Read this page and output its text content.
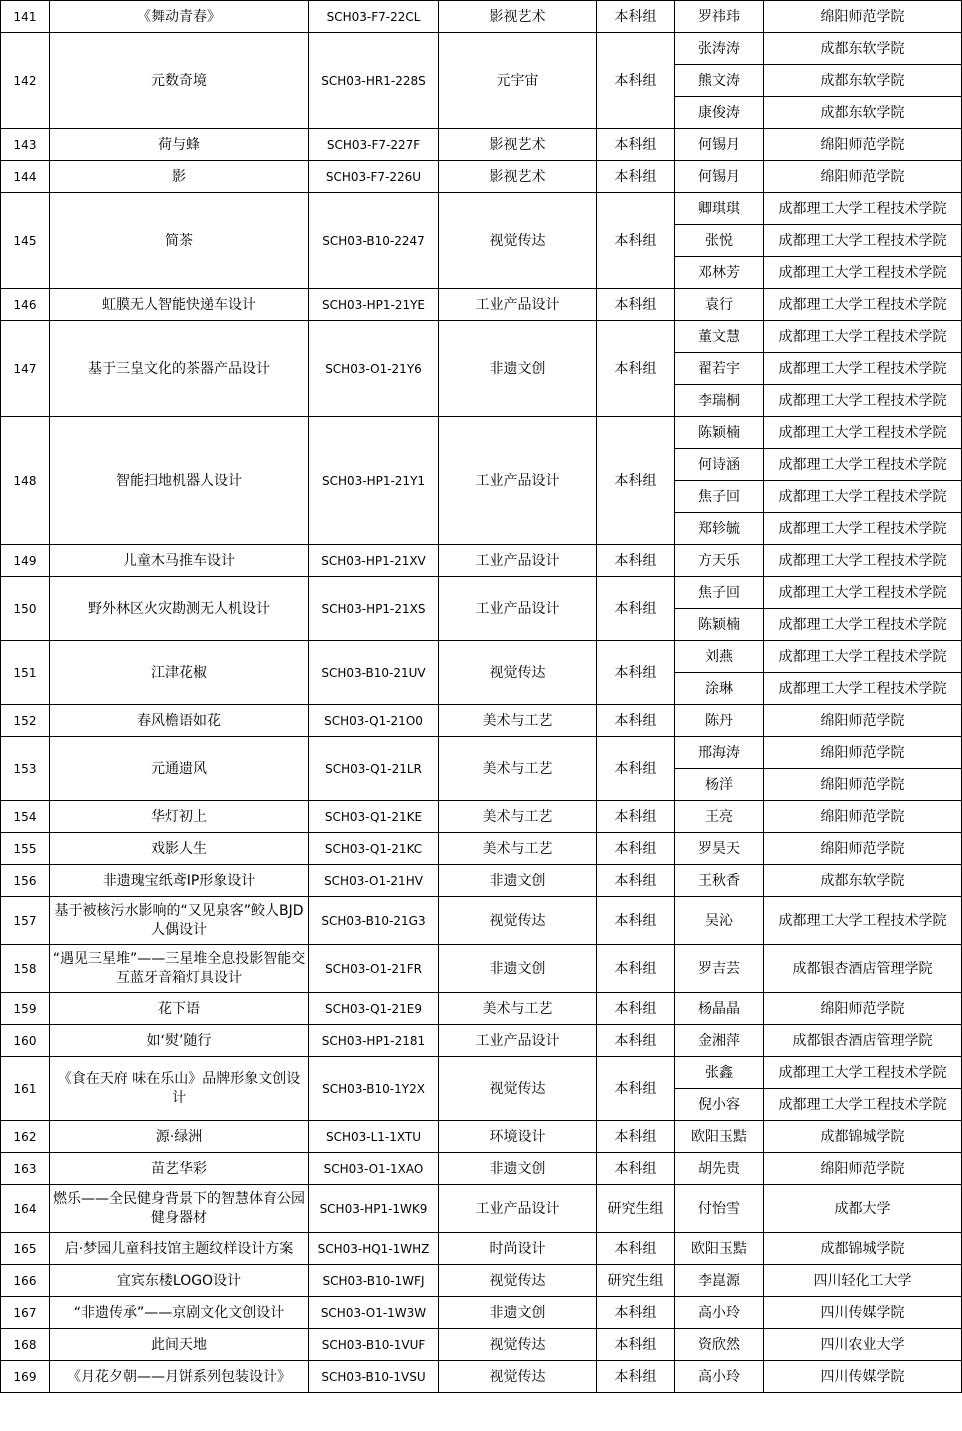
141	《舞动青春》	SCH03-F7-22CL	影视艺术	本科组	罗祎玮	绵阳师范学院
142	元数奇境	SCH03-HR1-228S	元宇宙	本科组	张涛涛	成都东软学院
					熊文涛	成都东软学院
					康俊涛	成都东软学院
143	荷与蜂	SCH03-F7-227F	影视艺术	本科组	何锡月	绵阳师范学院
144	影	SCH03-F7-226U	影视艺术	本科组	何锡月	绵阳师范学院
145	简茶	SCH03-B10-2247	视觉传达	本科组	卿琪琪	成都理工大学工程技术学院
					张悦	成都理工大学工程技术学院
					邓林芳	成都理工大学工程技术学院
146	虹膜无人智能快递车设计	SCH03-HP1-21YE	工业产品设计	本科组	袁行	成都理工大学工程技术学院
147	基于三皇文化的茶器产品设计	SCH03-O1-21Y6	非遗文创	本科组	董文慧	成都理工大学工程技术学院
					翟若宇	成都理工大学工程技术学院
					李瑞桐	成都理工大学工程技术学院
148	智能扫地机器人设计	SCH03-HP1-21Y1	工业产品设计	本科组	陈颖楠	成都理工大学工程技术学院
					何诗涵	成都理工大学工程技术学院
					焦子回	成都理工大学工程技术学院
					郑轸毓	成都理工大学工程技术学院
149	儿童木马推车设计	SCH03-HP1-21XV	工业产品设计	本科组	方天乐	成都理工大学工程技术学院
150	野外林区火灾勘测无人机设计	SCH03-HP1-21XS	工业产品设计	本科组	焦子回	成都理工大学工程技术学院
					陈颖楠	成都理工大学工程技术学院
151	江津花椒	SCH03-B10-21UV	视觉传达	本科组	刘燕	成都理工大学工程技术学院
					涂琳	成都理工大学工程技术学院
152	春风檐语如花	SCH03-Q1-21O0	美术与工艺	本科组	陈丹	绵阳师范学院
153	元通遗风	SCH03-Q1-21LR	美术与工艺	本科组	邢海涛	绵阳师范学院
					杨洋	绵阳师范学院
154	华灯初上	SCH03-Q1-21KE	美术与工艺	本科组	王亮	绵阳师范学院
155	戏影人生	SCH03-Q1-21KC	美术与工艺	本科组	罗昊天	绵阳师范学院
156	非遗瑰宝纸鸢IP形象设计	SCH03-O1-21HV	非遗文创	本科组	王秋香	成都东软学院
157	基于被核污水影响的“又见泉客”鲛人BJD人偶设计	SCH03-B10-21G3	视觉传达	本科组	吴沁	成都理工大学工程技术学院
158	“遇见三星堆”——三星堆全息投影智能交互蓝牙音箱灯具设计	SCH03-O1-21FR	非遗文创	本科组	罗吉芸	成都银杏酒店管理学院
159	花下语	SCH03-Q1-21E9	美术与工艺	本科组	杨晶晶	绵阳师范学院
160	如‘熨’随行	SCH03-HP1-2181	工业产品设计	本科组	金湘萍	成都银杏酒店管理学院
161	《食在天府 味在乐山》品牌形象文创设计	SCH03-B10-1Y2X	视觉传达	本科组	张鑫	成都理工大学工程技术学院
					倪小容	成都理工大学工程技术学院
162	源·绿洲	SCH03-L1-1XTU	环境设计	本科组	欧阳玉黠	成都锦城学院
163	苗艺华彩	SCH03-O1-1XAO	非遗文创	本科组	胡先贵	绵阳师范学院
164	燃乐——全民健身背景下的智慧体育公园健身器材	SCH03-HP1-1WK9	工业产品设计	研究生组	付怡雪	成都大学
165	启·梦园儿童科技馆主题纹样设计方案	SCH03-HQ1-1WHZ	时尚设计	本科组	欧阳玉黠	成都锦城学院
166	宜宾东楼LOGO设计	SCH03-B10-1WFJ	视觉传达	研究生组	李崑源	四川轻化工大学
167	“非遗传承”——京剧文化文创设计	SCH03-O1-1W3W	非遗文创	本科组	高小玲	四川传媒学院
168	此间天地	SCH03-B10-1VUF	视觉传达	本科组	资欣然	四川农业大学
169	《月花夕朝——月饼系列包装设计》	SCH03-B10-1VSU	视觉传达	本科组	高小玲	四川传媒学院
